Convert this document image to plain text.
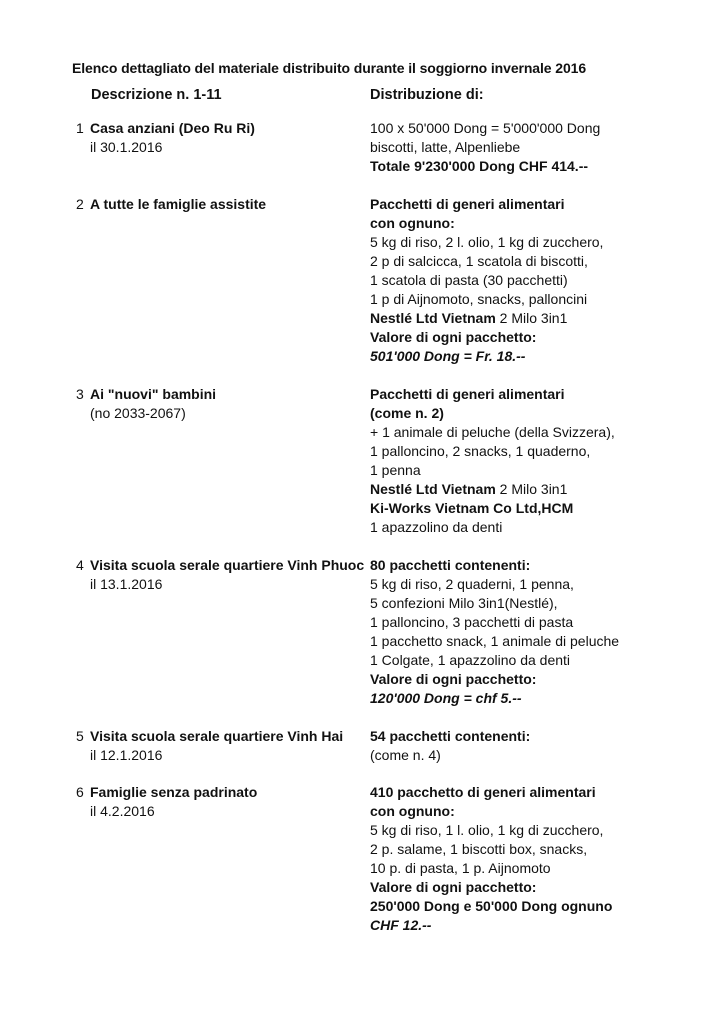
Elenco dettagliato del materiale distribuito durante il soggiorno invernale 2016
Descrizione n. 1-11	Distribuzione di:
1 Casa anziani (Deo Ru Ri)
il 30.1.2016
100 x 50'000 Dong = 5'000'000 Dong
biscotti, latte, Alpenliebe
Totale 9'230'000 Dong CHF 414.--
2 A tutte le famiglie assistite	Pacchetti di generi alimentari
con ognuno:
5 kg di riso, 2 l. olio, 1 kg di zucchero,
2 p di salcicca, 1 scatola di biscotti,
1 scatola di pasta (30 pacchetti)
1 p di Aijnomoto, snacks, palloncini
Nestlé Ltd Vietnam 2 Milo 3in1
Valore di ogni pacchetto:
501'000 Dong = Fr. 18.--
3 Ai "nuovi" bambini
(no 2033-2067)
Pacchetti di generi alimentari
(come n. 2)
+ 1 animale di peluche (della Svizzera),
1 palloncino, 2 snacks, 1 quaderno,
1 penna
Nestlé Ltd Vietnam 2 Milo 3in1
Ki-Works Vietnam Co Ltd,HCM
1 apazzolino da denti
4 Visita scuola serale quartiere Vinh Phuoc
il 13.1.2016
80 pacchetti contenenti:
5 kg di riso, 2 quaderni, 1 penna,
5 confezioni Milo 3in1(Nestlé),
1 palloncino, 3 pacchetti di pasta
1 pacchetto snack, 1 animale di peluche
1 Colgate, 1 apazzolino da denti
Valore di ogni pacchetto:
120'000 Dong = chf 5.--
5 Visita scuola serale quartiere Vinh Hai
il 12.1.2016
54 pacchetti contenenti:
(come n. 4)
6 Famiglie senza padrinato
il 4.2.2016
410 pacchetto di generi alimentari
con ognuno:
5 kg di riso, 1 l. olio, 1 kg di zucchero,
2 p. salame, 1 biscotti box, snacks,
10 p. di pasta, 1 p. Aijnomoto
Valore di ogni pacchetto:
250'000 Dong e 50'000 Dong ognuno
CHF 12.--
